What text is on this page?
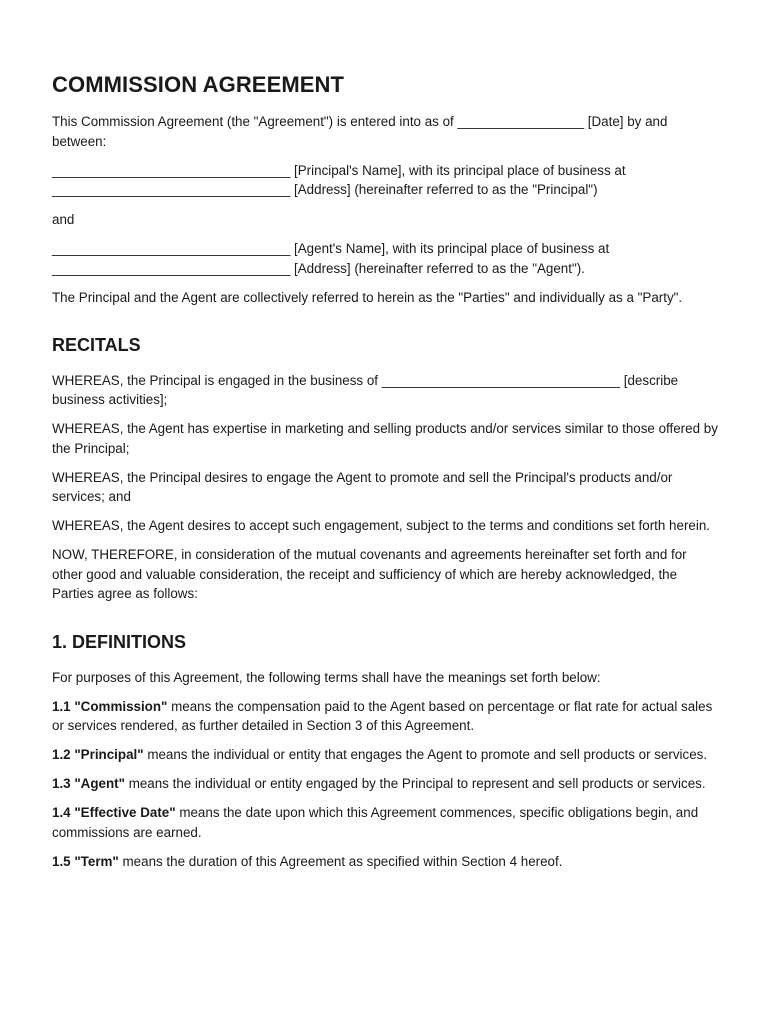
COMMISSION AGREEMENT

This Commission Agreement (the "Agreement") is entered into as of _________________ [Date] by and between:

________________________________ [Principal's Name], with its principal place of business at ________________________________ [Address] (hereinafter referred to as the "Principal")

and

________________________________ [Agent's Name], with its principal place of business at ________________________________ [Address] (hereinafter referred to as the "Agent").

The Principal and the Agent are collectively referred to herein as the "Parties" and individually as a "Party".

RECITALS

WHEREAS, the Principal is engaged in the business of ________________________________ [describe business activities];

WHEREAS, the Agent has expertise in marketing and selling products and/or services similar to those offered by the Principal;

WHEREAS, the Principal desires to engage the Agent to promote and sell the Principal's products and/or services; and

WHEREAS, the Agent desires to accept such engagement, subject to the terms and conditions set forth herein.

NOW, THEREFORE, in consideration of the mutual covenants and agreements hereinafter set forth and for other good and valuable consideration, the receipt and sufficiency of which are hereby acknowledged, the Parties agree as follows:

1. DEFINITIONS

For purposes of this Agreement, the following terms shall have the meanings set forth below:

1.1 "Commission" means the compensation paid to the Agent based on percentage or flat rate for actual sales or services rendered, as further detailed in Section 3 of this Agreement.

1.2 "Principal" means the individual or entity that engages the Agent to promote and sell products or services.

1.3 "Agent" means the individual or entity engaged by the Principal to represent and sell products or services.

1.4 "Effective Date" means the date upon which this Agreement commences, specific obligations begin, and commissions are earned.

1.5 "Term" means the duration of this Agreement as specified within Section 4 hereof.
